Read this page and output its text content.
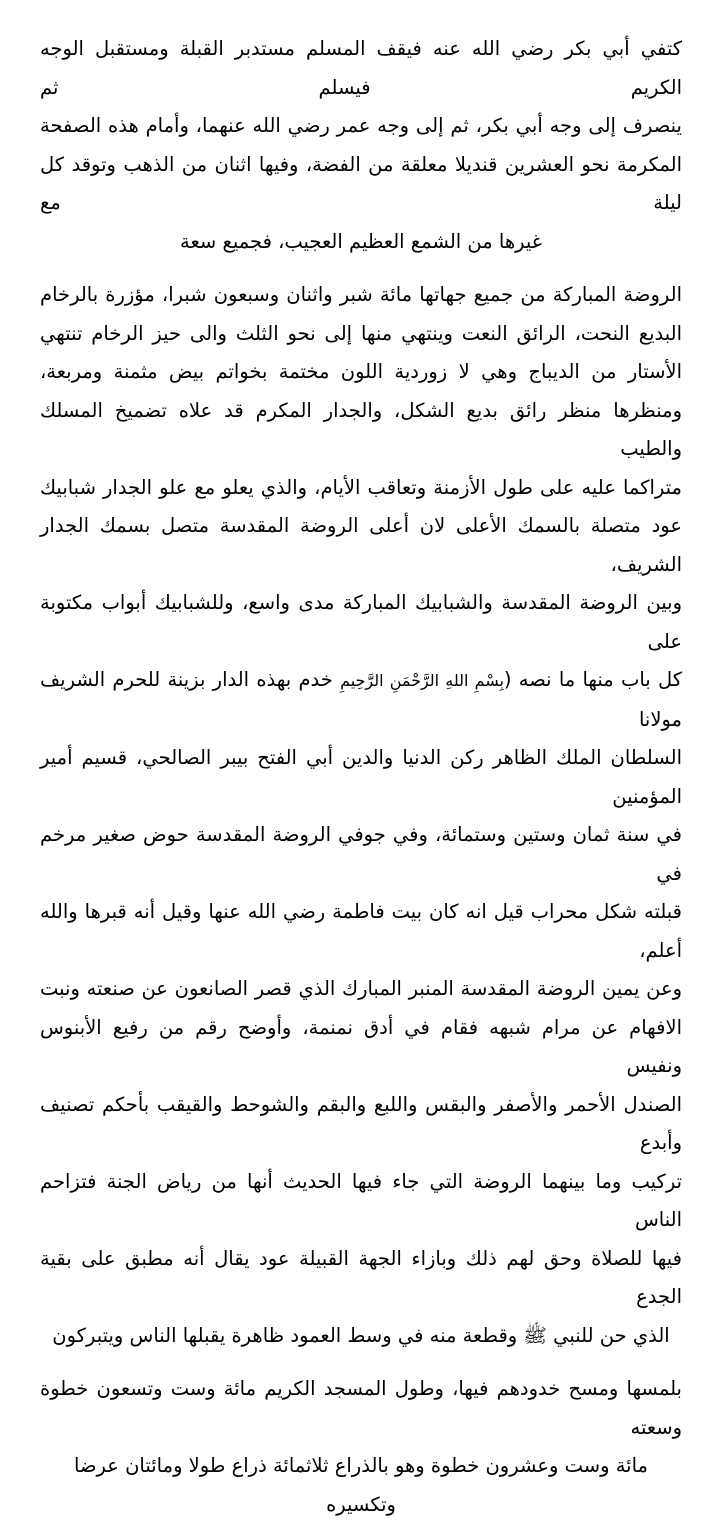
كتفي أبي بكر رضي الله عنه فيقف المسلم مستدبر القبلة ومستقبل الوجه الكريم فيسلم ثم
ينصرف إلى وجه أبي بكر، ثم إلى وجه عمر رضي الله عنهما، وأمام هذه الصفحة
المكرمة نحو العشرين قنديلا معلقة من الفضة، وفيها اثنان من الذهب وتوقد كل ليلة مع
غيرها من الشمع العظيم العجيب، فجميع سعة
الروضة المباركة من جميع جهاتها مائة شبر واثنان وسبعون شبرا، مؤزرة بالرخام
البديع النحت، الرائق النعت وينتهي منها إلى نحو الثلث والى حيز الرخام تنتهي
الأستار من الديباج وهي لا زوردية اللون مختمة بخواتم بيض مثمنة ومربعة،
ومنظرها منظر رائق بديع الشكل، والجدار المكرم قد علاه تضميخ المسلك والطيب
متراكما عليه على طول الأزمنة وتعاقب الأيام، والذي يعلو مع علو الجدار شبابيك
عود متصلة بالسمك الأعلى لان أعلى الروضة المقدسة متصل بسمك الجدار الشريف،
وبين الروضة المقدسة والشبابيك المباركة مدى واسع، وللشبابيك أبواب مكتوبة على
كل باب منها ما نصه (بِسْمِ اللهِ الرَّحْمَنِ الرَّحِيمِ خدم بهذه الدار بزينة للحرم الشريف مولانا
السلطان الملك الظاهر ركن الدنيا والدين أبي الفتح بيبر الصالحي، قسيم أمير المؤمنين
في سنة ثمان وستين وستمائة، وفي جوفي الروضة المقدسة حوض صغير مرخم في
قبلته شكل محراب قيل انه كان بيت فاطمة رضي الله عنها وقيل أنه قبرها والله أعلم،
وعن يمين الروضة المقدسة المنبر المبارك الذي قصر الصانعون عن صنعته ونبت
الافهام عن مرام شبهه فقام في أدق نمنمة، وأوضح رقم من رفيع الأبنوس ونفيس
الصندل الأحمر والأصفر والبقس واللبع والبقم والشوحط والقيقب بأحكم تصنيف وأبدع
تركيب وما بينهما الروضة التي جاء فيها الحديث أنها من رياض الجنة فتزاحم الناس
فيها للصلاة وحق لهم ذلك وبازاء الجهة القبيلة عود يقال أنه مطبق على بقية الجدع
الذي حن للنبي ﷺ وقطعة منه في وسط العمود ظاهرة يقبلها الناس ويتبركون
بلمسها ومسح خدودهم فيها، وطول المسجد الكريم مائة وست وتسعون خطوة وسعته
مائة وست وعشرون خطوة وهو بالذراع ثلاثمائة ذراع طولا ومائتان عرضا وتكسيره
